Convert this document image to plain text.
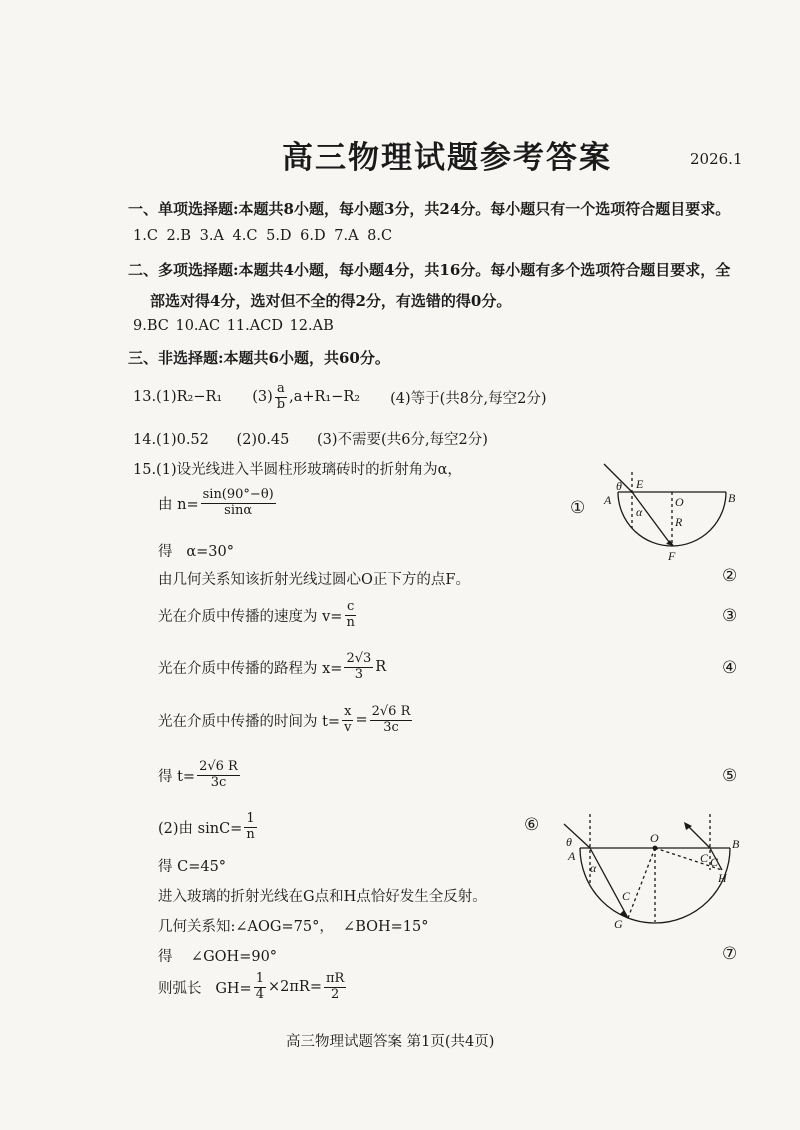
高三物理试题参考答案	2026.1
一、单项选择题:本题共8小题，每小题3分，共24分。每小题只有一个选项符合题目要求。
1.C 2.B 3.A 4.C 5.D 6.D 7.A 8.C
二、多项选择题:本题共4小题，每小题4分，共16分。每小题有多个选项符合题目要求，全
部选对得4分，选对但不全的得2分，有选错的得0分。
9.BC 10.AC 11.ACD 12.AB
三、非选择题:本题共6小题，共60分。
13.(1)R₂−R₁ $(3) \frac{a}{b} ,a+R_1-R_2$ (4)等于(共8分,每空2分)
14.(1)0.52      (2)0.45      (3)不需要(共6分,每空2分)
15.(1)设光线进入半圆柱形玻璃砖时的折射角为α，
由 $n= \frac{\sin(90^\circ-\theta)}{\sin\alpha}$	①
得   α=30°
由几何关系知该折射光线过圆心O正下方的点F。	②
光在介质中传播的速度为 $v= \frac{c}{n}$	③
光在介质中传播的路程为 $x= \frac{2√3}{3}$ R	④
光在介质中传播的时间为 $t= \frac{x}{v} = \frac{2√6 R}{3c}$
得 $t= \frac{2√6 R}{3c}$	⑤
(2)由 $\sin C= \frac{1}{n}$	⑥
得 C=45°
进入玻璃的折射光线在G点和H点恰好发生全反射。
几何关系知:∠AOG=75°，  ∠BOH=15°
得    ∠GOH=90°	⑦
则弧长   $GH= \frac{1}{4} \times 2\pi R= \frac{\pi R}{2}$
θ E
A	O	B
α
R
F
θ
A
α
O	B
C C
H
C
G
高三物理试题答案 第1页(共4页)
